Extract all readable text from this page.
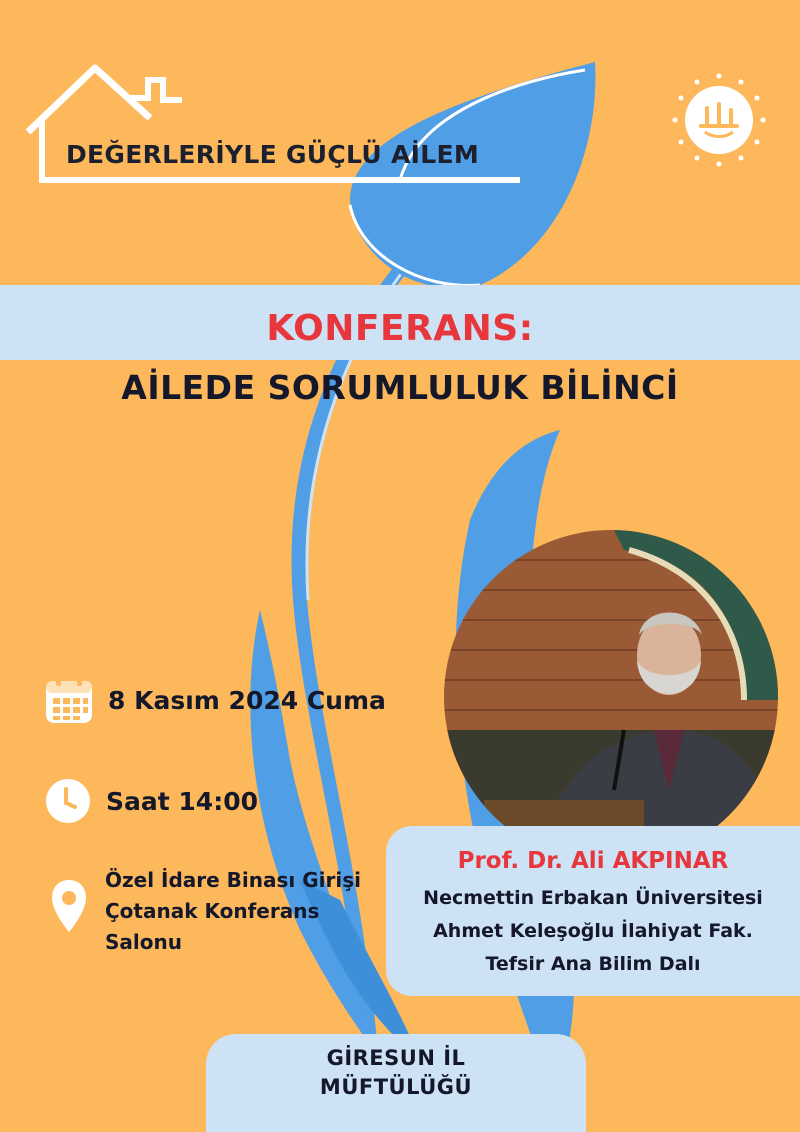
DEĞERLERİYLE GÜÇLÜ AİLEM
KONFERANS:
AİLEDE SORUMLULUK BİLİNCİ
8 Kasım 2024 Cuma
Saat 14:00
Özel İdare Binası Girişi
Çotanak Konferans
Salonu
Prof. Dr. Ali AKPINAR
Necmettin Erbakan Üniversitesi
Ahmet Keleşoğlu İlahiyat Fak.
Tefsir Ana Bilim Dalı
GİRESUN İL
MÜFTÜLÜĞÜ
